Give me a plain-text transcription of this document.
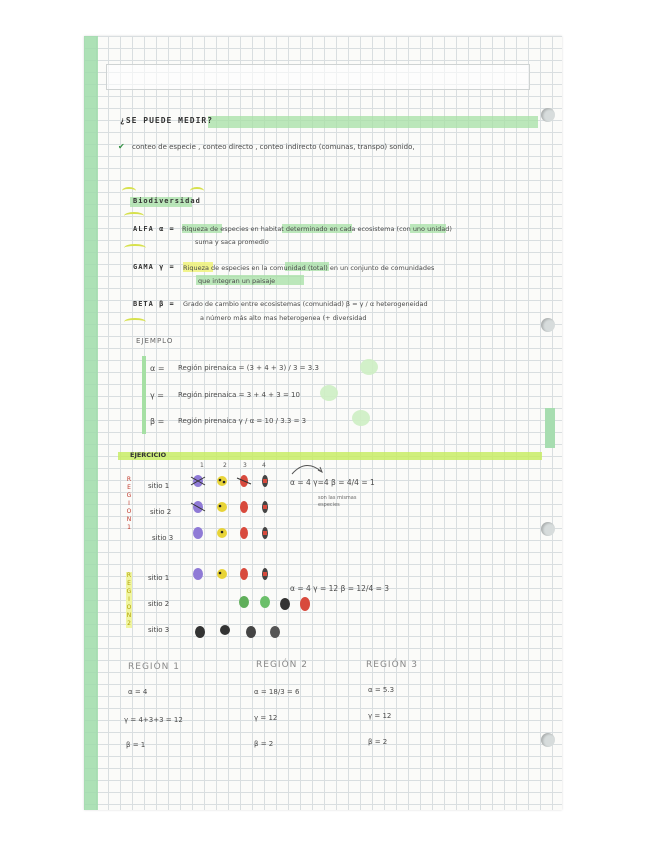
¿SE PUEDE MEDIR?
✔ conteo de especie , conteo directo , conteo indirecto (comunas, transpo) sonido,
Biodiversidad
ALFA α = Riqueza de especies en habitat determinado en cada ecosistema (con uno unidad)
suma y saca promedio
GAMA γ = Riqueza de especies en la comunidad (total) en un conjunto de comunidades
que integran un paisaje
BETA β = Grado de cambio entre ecosistemas (comunidad) β = γ / α heterogeneidad
a número más alto mas heterogenea (+ diversidad
EJEMPLO
α = Región pirenaica = (3 + 4 + 3) / 3 = 3.3
γ = Región pirenaica = 3 + 4 + 3 = 10
β = Región pirenaica γ / α = 10 / 3.3 = 3
EJERCICIO
1	2	3	4
REGION 1
sitio 1
sitio 2
sitio 3
α = 4 γ=4 β = 4/4 = 1
son las mismas especies
REGION 2
sitio 1
sitio 2
sitio 3
α = 4 γ = 12 β = 12/4 = 3
REGIÓN 1
α = 4
γ = 4+3+3 = 12
β = 1
REGIÓN 2
α = 18/3 = 6
γ = 12
β = 2
REGIÓN 3
α = 5.3
γ = 12
β = 2
